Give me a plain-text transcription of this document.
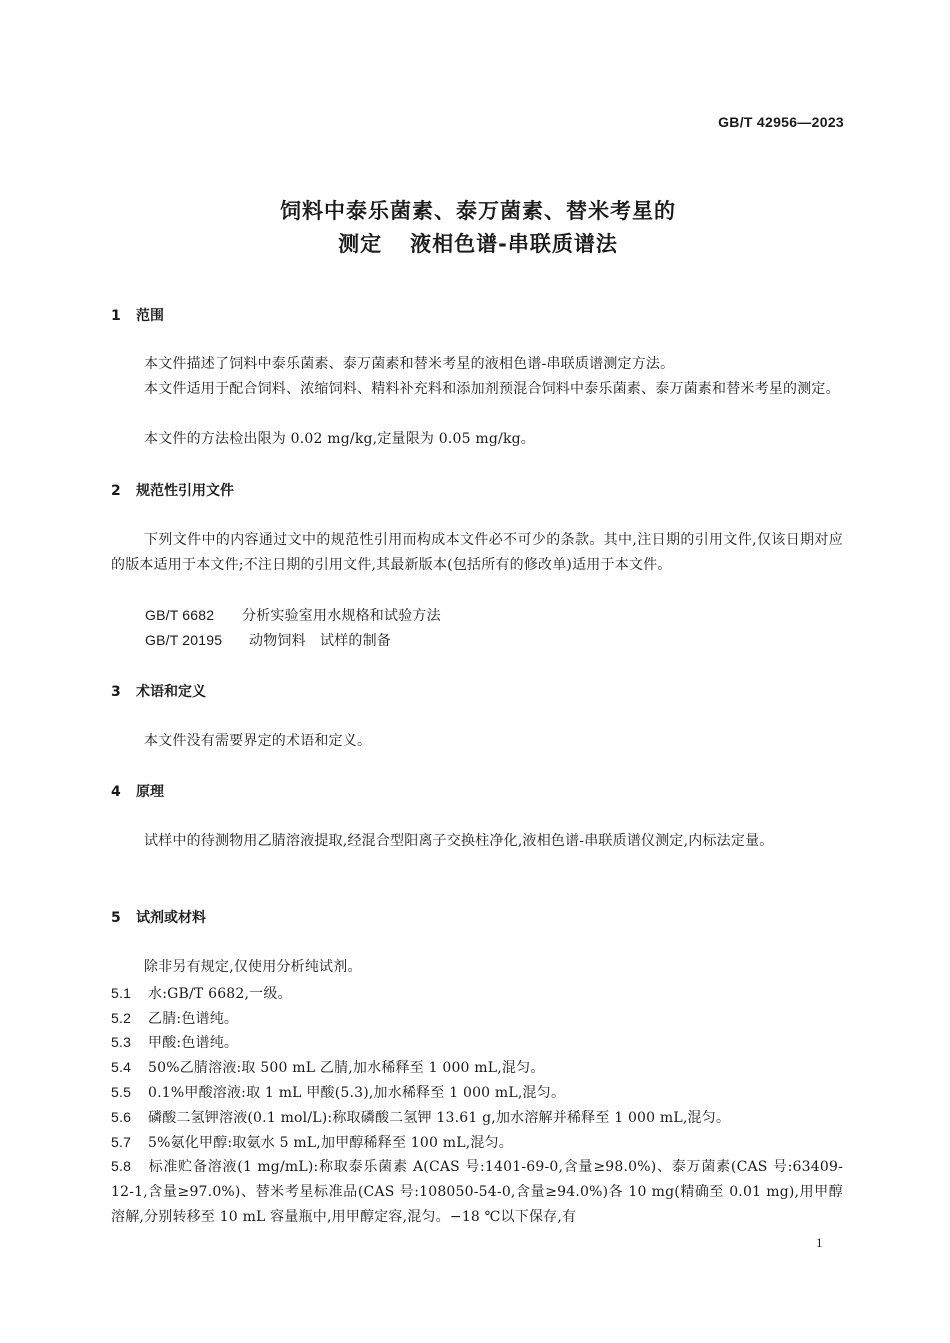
GB/T 42956—2023
饲料中泰乐菌素、泰万菌素、替米考星的
测定 液相色谱-串联质谱法
1 范围
本文件描述了饲料中泰乐菌素、泰万菌素和替米考星的液相色谱-串联质谱测定方法。
本文件适用于配合饲料、浓缩饲料、精料补充料和添加剂预混合饲料中泰乐菌素、泰万菌素和替米考星的测定。
本文件的方法检出限为 0.02 mg/kg,定量限为 0.05 mg/kg。
2 规范性引用文件
下列文件中的内容通过文中的规范性引用而构成本文件必不可少的条款。其中,注日期的引用文件,仅该日期对应的版本适用于本文件;不注日期的引用文件,其最新版本(包括所有的修改单)适用于本文件。
GB/T 6682 分析实验室用水规格和试验方法
GB/T 20195 动物饲料　试样的制备
3 术语和定义
本文件没有需要界定的术语和定义。
4 原理
试样中的待测物用乙腈溶液提取,经混合型阳离子交换柱净化,液相色谱-串联质谱仪测定,内标法定量。
5 试剂或材料
除非另有规定,仅使用分析纯试剂。
5.1 水:GB/T 6682,一级。
5.2 乙腈:色谱纯。
5.3 甲酸:色谱纯。
5.4 50%乙腈溶液:取 500 mL 乙腈,加水稀释至 1 000 mL,混匀。
5.5 0.1%甲酸溶液:取 1 mL 甲酸(5.3),加水稀释至 1 000 mL,混匀。
5.6 磷酸二氢钾溶液(0.1 mol/L):称取磷酸二氢钾 13.61 g,加水溶解并稀释至 1 000 mL,混匀。
5.7 5%氨化甲醇:取氨水 5 mL,加甲醇稀释至 100 mL,混匀。
5.8 标准贮备溶液(1 mg/mL):称取泰乐菌素 A(CAS 号:1401-69-0,含量≥98.0%)、泰万菌素(CAS 号:63409-12-1,含量≥97.0%)、替米考星标准品(CAS 号:108050-54-0,含量≥94.0%)各 10 mg(精确至 0.01 mg),用甲醇溶解,分别转移至 10 mL 容量瓶中,用甲醇定容,混匀。−18 ℃以下保存,有
1
